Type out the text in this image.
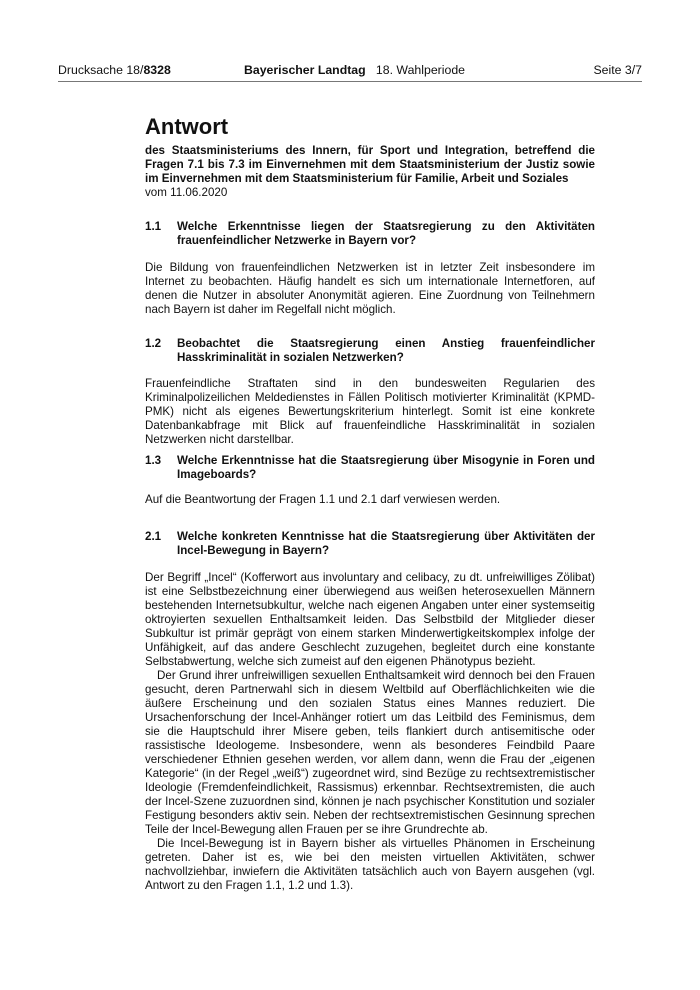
Drucksache 18/8328	Bayerischer Landtag 18. Wahlperiode	Seite 3/7
Antwort
des Staatsministeriums des Innern, für Sport und Integration, betreffend die Fragen 7.1 bis 7.3 im Einvernehmen mit dem Staatsministerium der Justiz sowie im Einvernehmen mit dem Staatsministerium für Familie, Arbeit und Soziales
vom 11.06.2020
1.1 Welche Erkenntnisse liegen der Staatsregierung zu den Aktivitäten frauenfeindlicher Netzwerke in Bayern vor?

Die Bildung von frauenfeindlichen Netzwerken ist in letzter Zeit insbesondere im Internet zu beobachten. Häufig handelt es sich um internationale Internetforen, auf denen die Nutzer in absoluter Anonymität agieren. Eine Zuordnung von Teilnehmern nach Bayern ist daher im Regelfall nicht möglich.

1.2 Beobachtet die Staatsregierung einen Anstieg frauenfeindlicher Hasskriminalität in sozialen Netzwerken?

Frauenfeindliche Straftaten sind in den bundesweiten Regularien des Kriminalpolizeilichen Meldedienstes in Fällen Politisch motivierter Kriminalität (KPMD-PMK) nicht als eigenes Bewertungskriterium hinterlegt. Somit ist eine konkrete Datenbankabfrage mit Blick auf frauenfeindliche Hasskriminalität in sozialen Netzwerken nicht darstellbar.

1.3 Welche Erkenntnisse hat die Staatsregierung über Misogynie in Foren und Imageboards?

Auf die Beantwortung der Fragen 1.1 und 2.1 darf verwiesen werden.

2.1 Welche konkreten Kenntnisse hat die Staatsregierung über Aktivitäten der Incel-Bewegung in Bayern?

Der Begriff „Incel“ (Kofferwort aus involuntary and celibacy, zu dt. unfreiwilliges Zölibat) ist eine Selbstbezeichnung einer überwiegend aus weißen heterosexuellen Männern bestehenden Internetsubkultur, welche nach eigenen Angaben unter einer systemseitig oktroyierten sexuellen Enthaltsamkeit leiden. Das Selbstbild der Mitglieder dieser Subkultur ist primär geprägt von einem starken Minderwertigkeitskomplex infolge der Unfähigkeit, auf das andere Geschlecht zuzugehen, begleitet durch eine konstante Selbstabwertung, welche sich zumeist auf den eigenen Phänotypus bezieht.

Der Grund ihrer unfreiwilligen sexuellen Enthaltsamkeit wird dennoch bei den Frauen gesucht, deren Partnerwahl sich in diesem Weltbild auf Oberflächlichkeiten wie die äußere Erscheinung und den sozialen Status eines Mannes reduziert. Die Ursachenforschung der Incel-Anhänger rotiert um das Leitbild des Feminismus, dem sie die Hauptschuld ihrer Misere geben, teils flankiert durch antisemitische oder rassistische Ideologeme. Insbesondere, wenn als besonderes Feindbild Paare verschiedener Ethnien gesehen werden, vor allem dann, wenn die Frau der „eigenen Kategorie“ (in der Regel „weiß“) zugeordnet wird, sind Bezüge zu rechtsextremistischer Ideologie (Fremdenfeindlichkeit, Rassismus) erkennbar. Rechtsextremisten, die auch der Incel-Szene zuzuordnen sind, können je nach psychischer Konstitution und sozialer Festigung besonders aktiv sein. Neben der rechtsextremistischen Gesinnung sprechen Teile der Incel-Bewegung allen Frauen per se ihre Grundrechte ab.

Die Incel-Bewegung ist in Bayern bisher als virtuelles Phänomen in Erscheinung getreten. Daher ist es, wie bei den meisten virtuellen Aktivitäten, schwer nachvollziehbar, inwiefern die Aktivitäten tatsächlich auch von Bayern ausgehen (vgl. Antwort zu den Fragen 1.1, 1.2 und 1.3).
